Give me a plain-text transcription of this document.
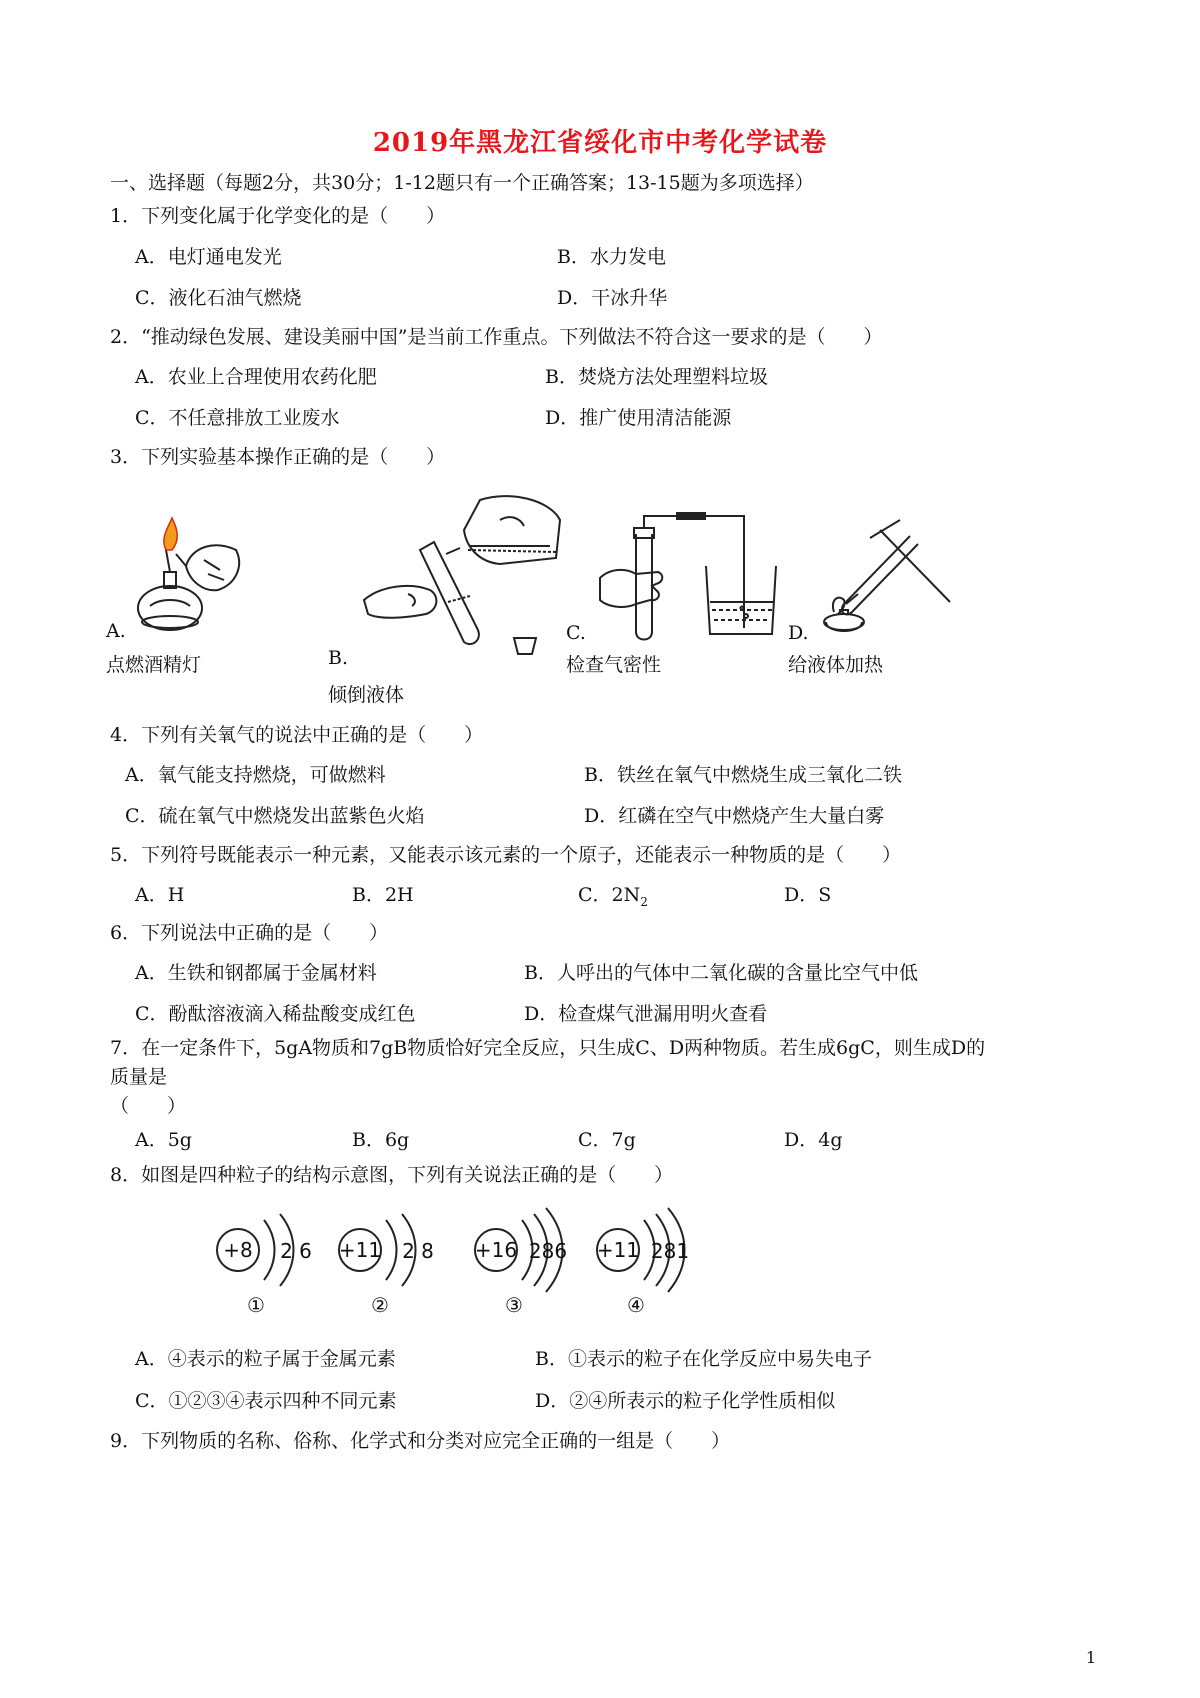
2019年黑龙江省绥化市中考化学试卷
一、选择题（每题2分，共30分；1-12题只有一个正确答案；13-15题为多项选择）
1．下列变化属于化学变化的是（　　）
A．电灯通电发光	B．水力发电
C．液化石油气燃烧	D．干冰升华
2．“推动绿色发展、建设美丽中国”是当前工作重点。下列做法不符合这一要求的是（　　）
A．农业上合理使用农药化肥	B．焚烧方法处理塑料垃圾
C．不任意排放工业废水	D．推广使用清洁能源
3．下列实验基本操作正确的是（　　）
A.
点燃酒精灯	B.
倾倒液体
C.
检查气密性
D.
给液体加热
4．下列有关氧气的说法中正确的是（　　）
A．氧气能支持燃烧，可做燃料	B．铁丝在氧气中燃烧生成三氧化二铁
C．硫在氧气中燃烧发出蓝紫色火焰	D．红磷在空气中燃烧产生大量白雾
5．下列符号既能表示一种元素，又能表示该元素的一个原子，还能表示一种物质的是（　　）
A．H	B．2H	C．$2N_2$	D．S
6．下列说法中正确的是（　　）
A．生铁和钢都属于金属材料	B．人呼出的气体中二氧化碳的含量比空气中低
C．酚酞溶液滴入稀盐酸变成红色	D．检查煤气泄漏用明火查看
7．在一定条件下，5gA物质和7gB物质恰好完全反应，只生成C、D两种物质。若生成6gC，则生成D的
质量是
（　　）
A．5g	B．6g	C．7g	D．4g
8．如图是四种粒子的结构示意图，下列有关说法正确的是（　　）
+8 2 6
①
+11 2 8
②
+16 286
③
+11 281
④
A．④表示的粒子属于金属元素	B．①表示的粒子在化学反应中易失电子
C．①②③④表示四种不同元素	D．②④所表示的粒子化学性质相似
9．下列物质的名称、俗称、化学式和分类对应完全正确的一组是（　　）
1
